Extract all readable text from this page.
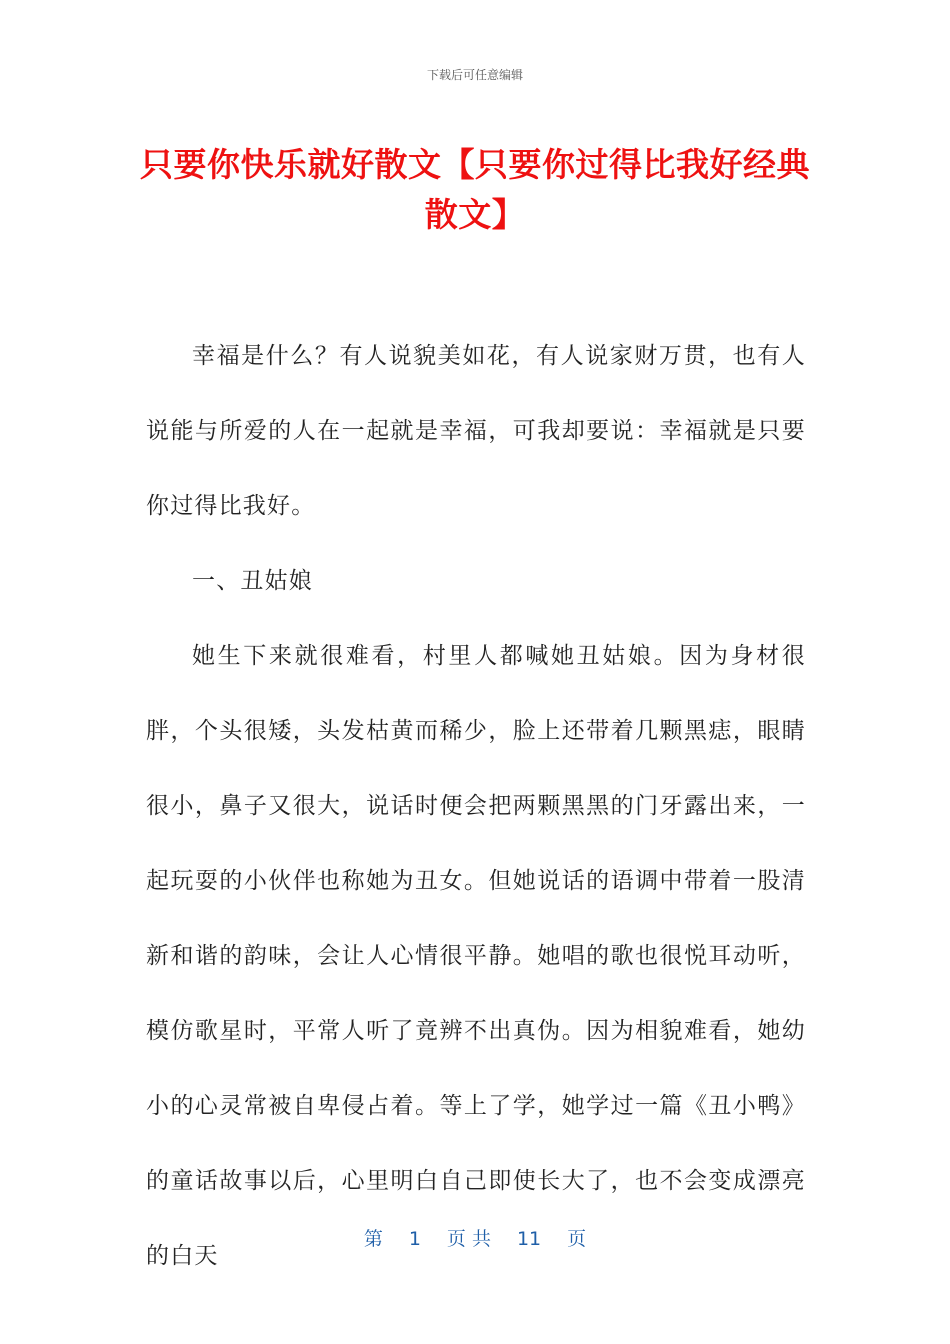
下载后可任意编辑
只要你快乐就好散文【只要你过得比我好经典散文】

幸福是什么？有人说貌美如花，有人说家财万贯，也有人说能与所爱的人在一起就是幸福，可我却要说：幸福就是只要你过得比我好。

一、丑姑娘

她生下来就很难看，村里人都喊她丑姑娘。因为身材很胖，个头很矮，头发枯黄而稀少，脸上还带着几颗黑痣，眼睛很小，鼻子又很大，说话时便会把两颗黑黑的门牙露出来，一起玩耍的小伙伴也称她为丑女。但她说话的语调中带着一股清新和谐的韵味，会让人心情很平静。她唱的歌也很悦耳动听，模仿歌星时，平常人听了竟辨不出真伪。因为相貌难看，她幼小的心灵常被自卑侵占着。等上了学，她学过一篇《丑小鸭》的童话故事以后，心里明白自己即使长大了，也不会变成漂亮的白天

第 1 页 共 11 页
